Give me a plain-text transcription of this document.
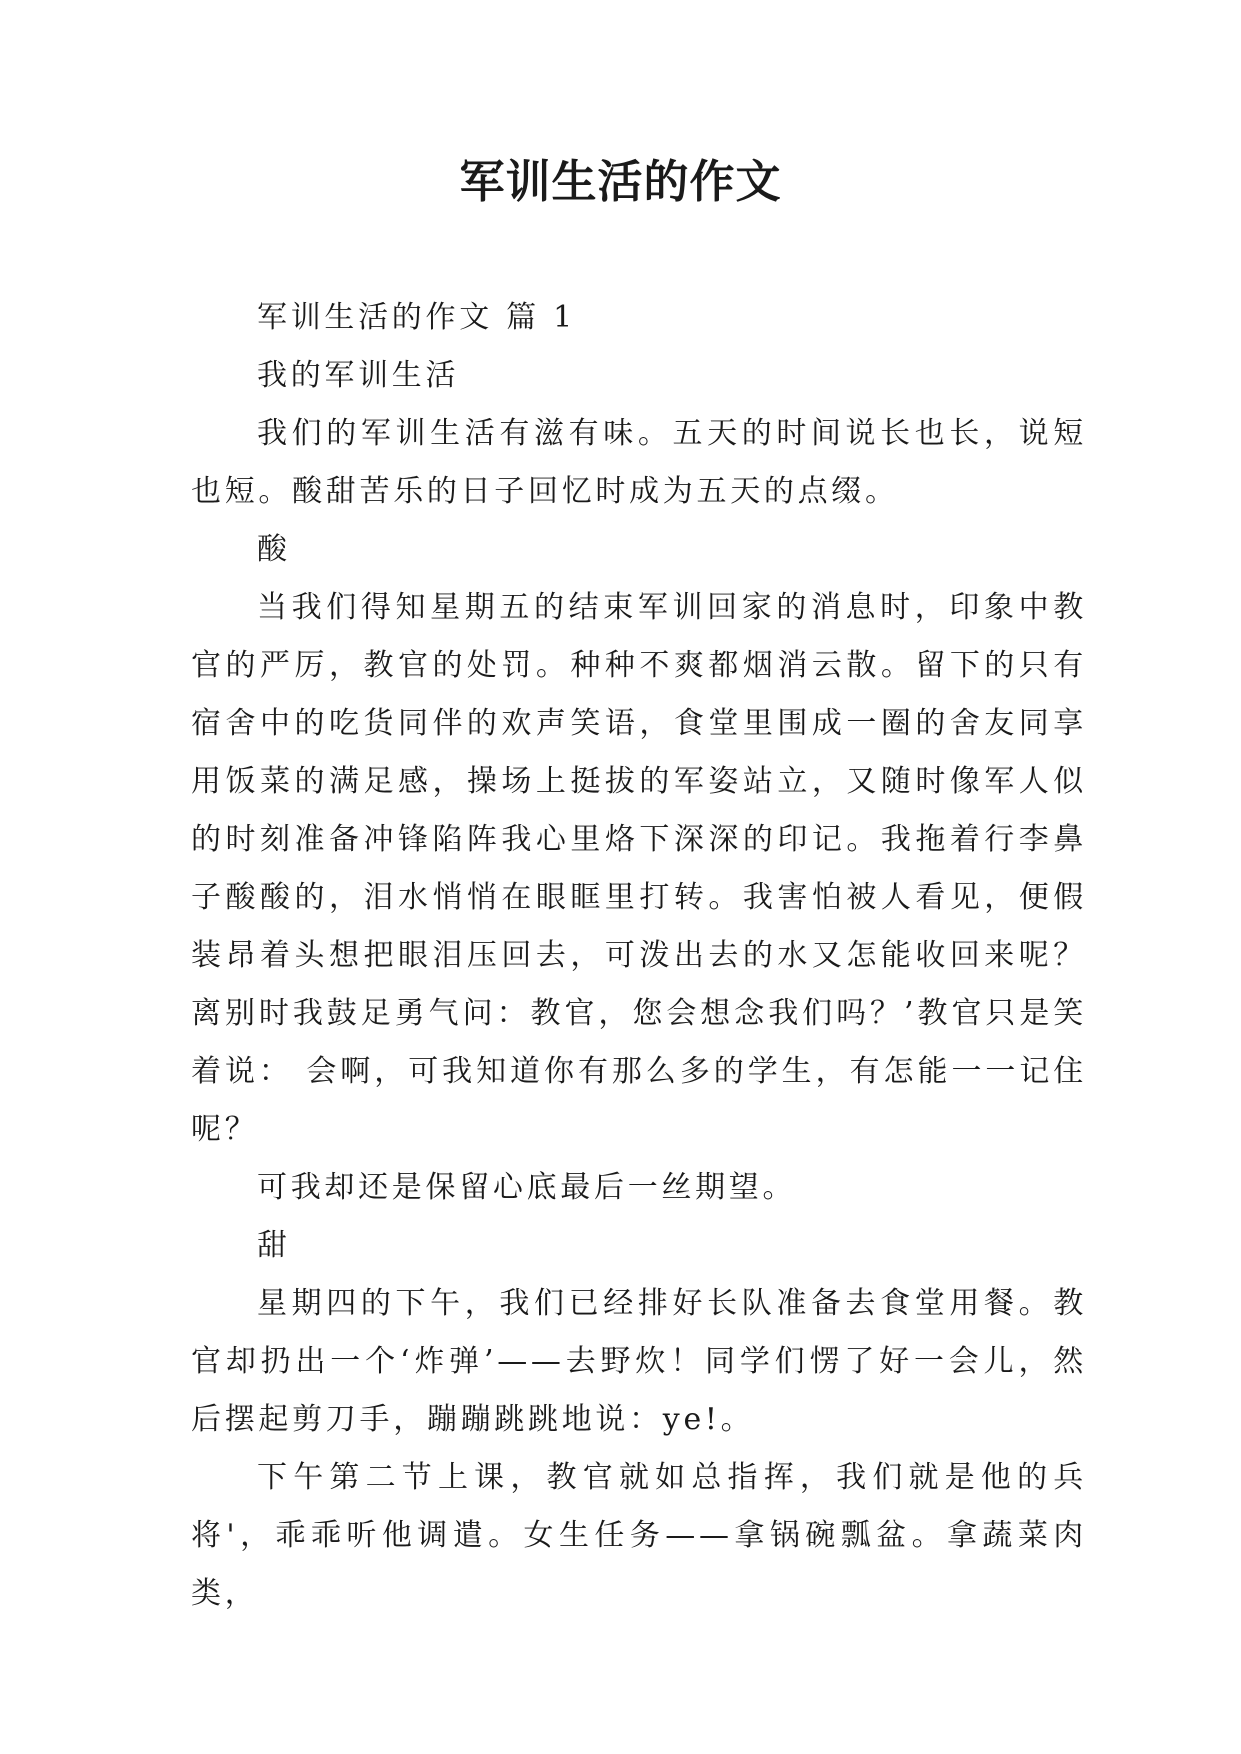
军训生活的作文

军训生活的作文 篇 1

我的军训生活

我们的军训生活有滋有味。五天的时间说长也长，说短也短。酸甜苦乐的日子回忆时成为五天的点缀。

酸

当我们得知星期五的结束军训回家的消息时，印象中教官的严厉，教官的处罚。种种不爽都烟消云散。留下的只有宿舍中的吃货同伴的欢声笑语，食堂里围成一圈的舍友同享用饭菜的满足感，操场上挺拔的军姿站立，又随时像军人似的时刻准备冲锋陷阵我心里烙下深深的印记。我拖着行李鼻子酸酸的，泪水悄悄在眼眶里打转。我害怕被人看见，便假装昂着头想把眼泪压回去，可泼出去的水又怎能收回来呢？离别时我鼓足勇气问：教官，您会想念我们吗？’教官只是笑着说： 会啊，可我知道你有那么多的学生，有怎能一一记住呢？

可我却还是保留心底最后一丝期望。

甜

星期四的下午，我们已经排好长队准备去食堂用餐。教官却扔出一个‘炸弹’——去野炊！同学们愣了好一会儿，然后摆起剪刀手，蹦蹦跳跳地说：ye!。

下午第二节上课，教官就如总指挥，我们就是他的兵将'，乖乖听他调遣。女生任务——拿锅碗瓢盆。拿蔬菜肉类，
